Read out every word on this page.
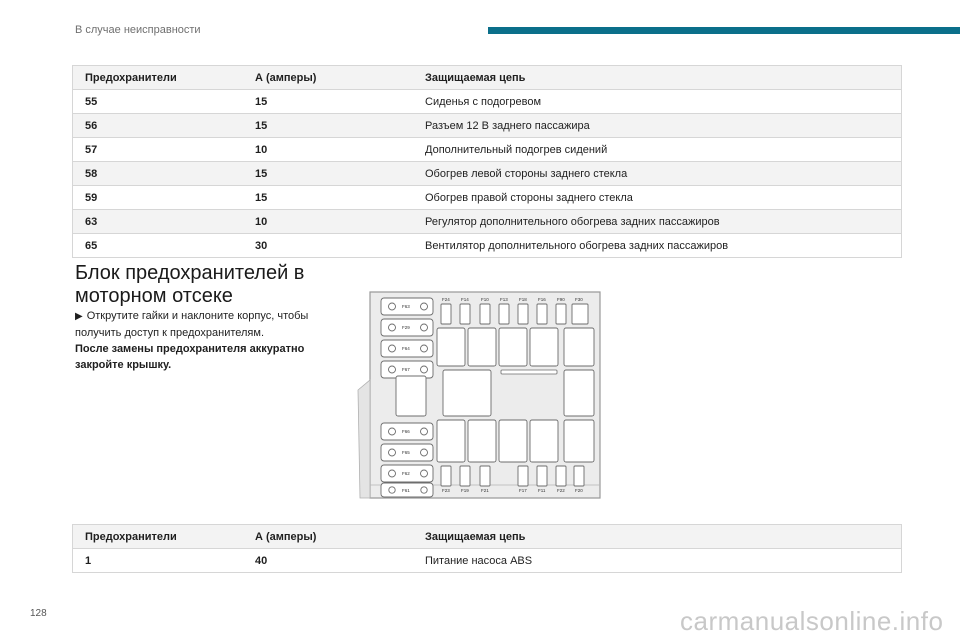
В случае неисправности
Предохранители	А (амперы)	Защищаемая цепь
55	15	Сиденья с подогревом
56	15	Разъем 12 В заднего пассажира
57	10	Дополнительный подогрев сидений
58	15	Обогрев левой стороны заднего стекла
59	15	Обогрев правой стороны заднего стекла
63	10	Регулятор дополнительного обогрева задних пассажиров
65	30	Вентилятор дополнительного обогрева задних пассажиров
Блок предохранителей в моторном отсеке
▶ Открутите гайки и наклоните корпус, чтобы получить доступ к предохранителям.
После замены предохранителя аккуратно закройте крышку.
F63
F29
F64
F67
F66
F65
F62
F61
F24 F14	F10 F13 F18 F16 F90 F30
F23 F19	F21	F17 F11	F22 F20
Предохранители	А (амперы)	Защищаемая цепь
1	40	Питание насоса ABS
128	carmanualsonline.info
